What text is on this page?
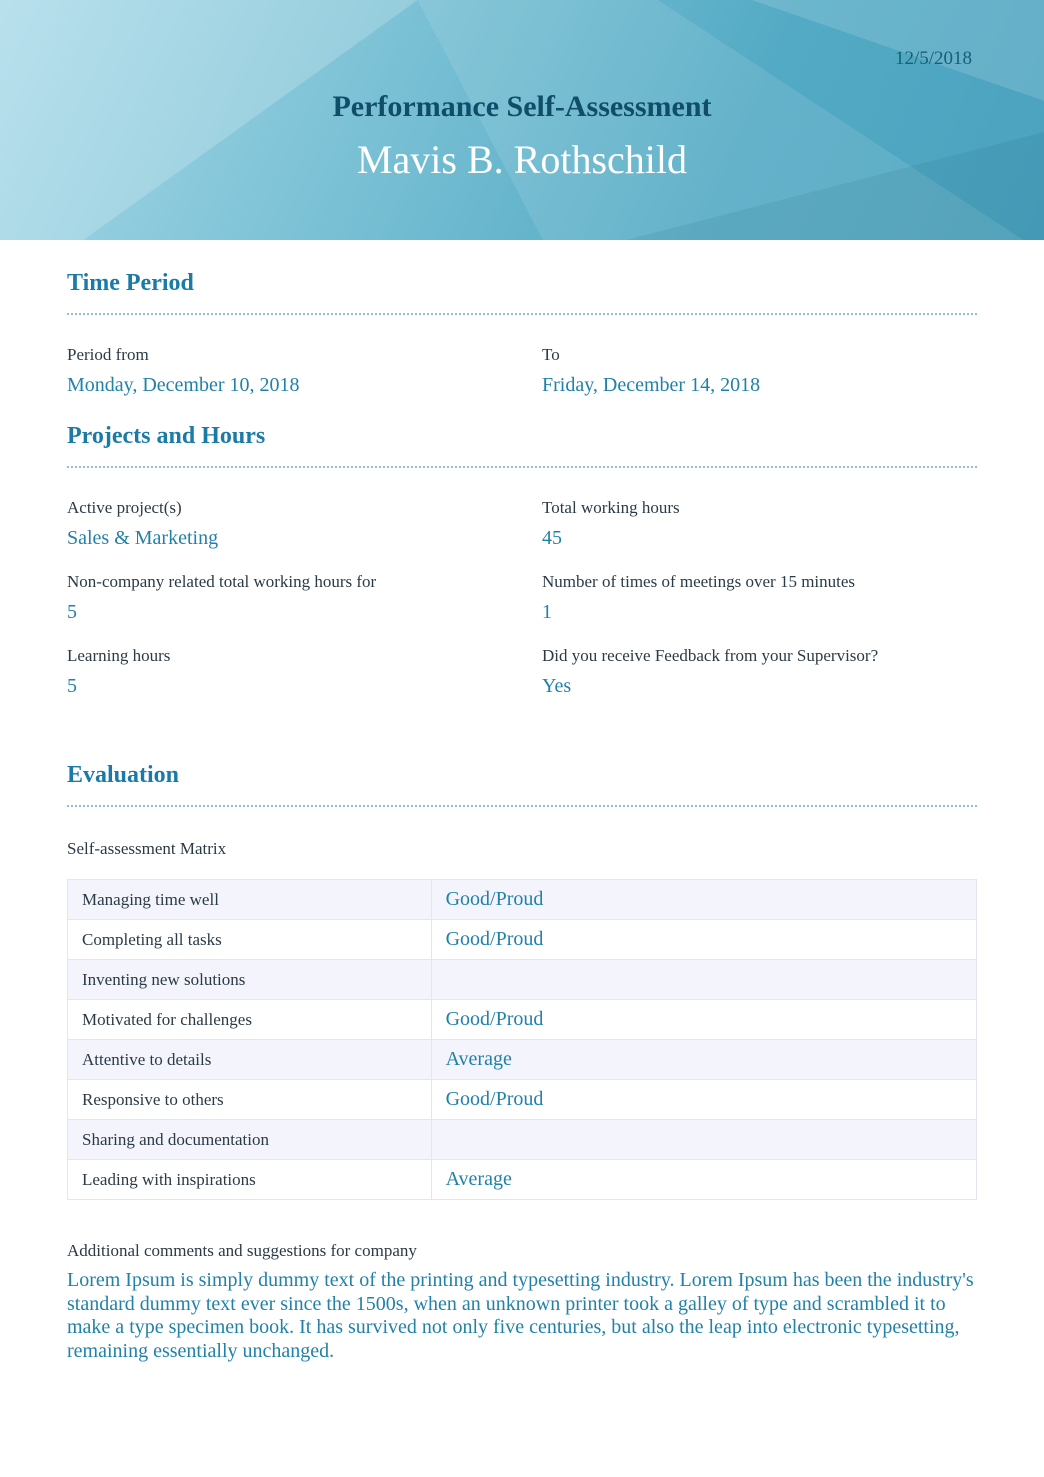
12/5/2018
Performance Self-Assessment
Mavis B. Rothschild
Time Period
Period from
Monday, December 10, 2018
To
Friday, December 14, 2018
Projects and Hours
Active project(s)
Sales & Marketing
Total working hours
45
Non-company related total working hours for
5
Number of times of meetings over 15 minutes
1
Learning hours
5
Did you receive Feedback from your Supervisor?
Yes
Evaluation
Self-assessment Matrix
Managing time well	Good/Proud
Completing all tasks	Good/Proud
Inventing new solutions	
Motivated for challenges	Good/Proud
Attentive to details	Average
Responsive to others	Good/Proud
Sharing and documentation	
Leading with inspirations	Average
Additional comments and suggestions for company

Lorem Ipsum is simply dummy text of the printing and typesetting industry. Lorem Ipsum has been the industry's standard dummy text ever since the 1500s, when an unknown printer took a galley of type and scrambled it to make a type specimen book. It has survived not only five centuries, but also the leap into electronic typesetting, remaining essentially unchanged.
